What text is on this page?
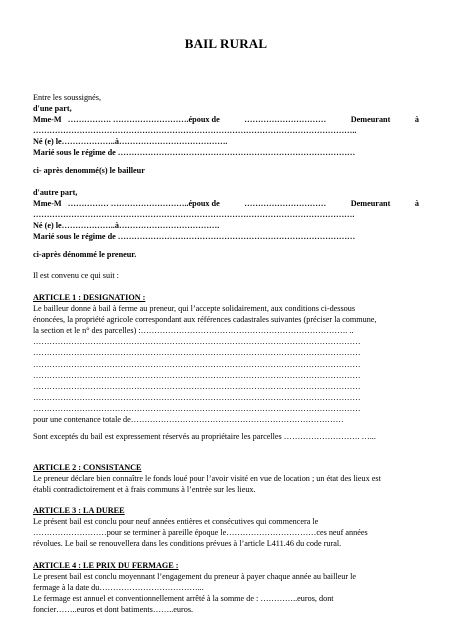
BAIL RURAL
Entre les soussignés,
d'une part,
Mme-M ……………. ……………………….époux de	…………………………	Demeurant	à
………………………………………………………………………………………………………..
Né (e) le………………..à………………………………….
Marié sous le régime de ……………………………………………………………………………
ci- après denommé(s) le bailleur
d'autre part,
Mme-M …………… ………………………..époux de	…………………………	Demeurant	à
……………………………………………………………………………………………………….
Né (e) le………………..à……………………………….
Marié sous le régime de ……………………………………………………………………………
ci-après dénommé le preneur.
Il est convenu ce qui suit :
ARTICLE 1 : DESIGNATION :
Le bailleur donne à bail à ferme au preneur, qui l’accepte solidairement, aux conditions ci-dessous
énoncées, la propriété agricole correspondant aux références cadastrales suivantes (préciser la commune,
la section et le n° des parcelles) :…………………………………………………………………. ..
…………………………………………………………………………………………………………
…………………………………………………………………………………………………………
…………………………………………………………………………………………………………
…………………………………………………………………………………………………………
…………………………………………………………………………………………………………
…………………………………………………………………………………………………………
…………………………………………………………………………………………………………
pour une contenance totale de……………………………………………………………………
Sont exceptés du bail est expressement réservés au propriétaire les parcelles ………………………. …...
ARTICLE 2 : CONSISTANCE
Le preneur déclare bien connaître le fonds loué pour l’avoir visité en vue de location ; un état des lieux est
établi contradictoirement et à frais communs à l’entrée sur les lieux.
ARTICLE 3 : LA DUREE
Le présent bail est conclu pour neuf années entières et consécutives qui commencera le
………………………pour se terminer à pareille époque le……………………………ces neuf années
révolues. Le bail se renouvellera dans les conditions prévues à l’article L411.46 du code rural.
ARTICLE 4 : LE PRIX DU FERMAGE :
Le present bail est conclu moyennant l’engagement du preneur à payer chaque année au bailleur le
fermage à la date du………………………………...
Le fermage est annuel et conventionnellement arrêté à la somme de : …………..euros, dont
foncier……..euros et dont batiments……..euros.
